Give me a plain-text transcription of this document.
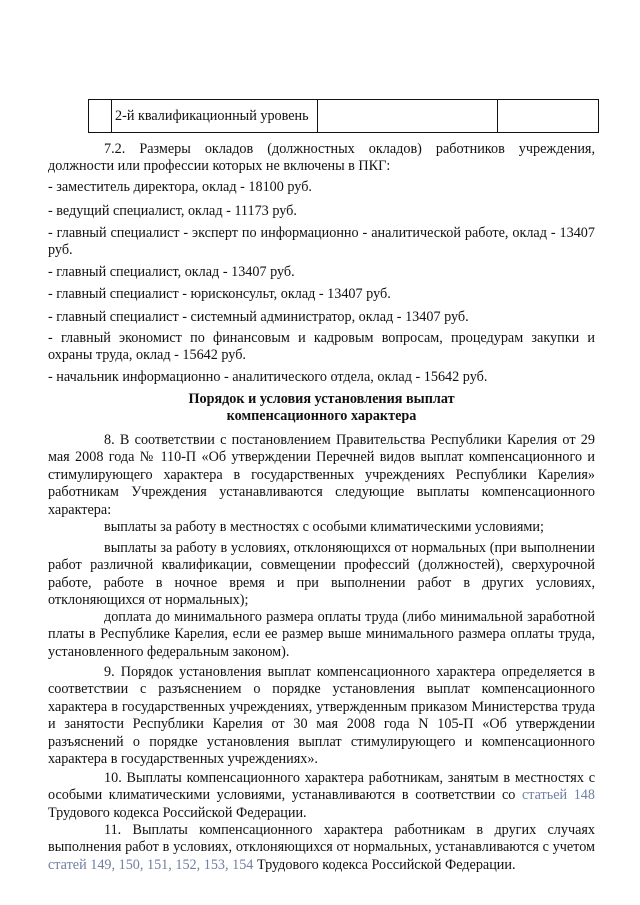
	2-й квалификационный уровень		

7.2. Размеры окладов (должностных окладов) работников учреждения, должности или профессии которых не включены в ПКГ:

- заместитель директора, оклад - 18100 руб.

- ведущий специалист, оклад - 11173 руб.

- главный специалист - эксперт по информационно - аналитической работе, оклад - 13407 руб.

- главный специалист, оклад - 13407 руб.

- главный специалист - юрисконсульт, оклад - 13407 руб.

- главный специалист - системный администратор, оклад - 13407 руб.

- главный экономист по финансовым и кадровым вопросам, процедурам закупки и охраны труда, оклад - 15642 руб.

- начальник информационно - аналитического отдела, оклад - 15642 руб.

Порядок и условия установления выплат
компенсационного характера

8. В соответствии с постановлением Правительства Республики Карелия от 29 мая 2008 года № 110-П «Об утверждении Перечней видов выплат компенсационного и стимулирующего характера в государственных учреждениях Республики Карелия» работникам Учреждения устанавливаются следующие выплаты компенсационного характера:

выплаты за работу в местностях с особыми климатическими условиями;

выплаты за работу в условиях, отклоняющихся от нормальных (при выполнении работ различной квалификации, совмещении профессий (должностей), сверхурочной работе, работе в ночное время и при выполнении работ в других условиях, отклоняющихся от нормальных);

доплата до минимального размера оплаты труда (либо минимальной заработной платы в Республике Карелия, если ее размер выше минимального размера оплаты труда, установленного федеральным законом).

9. Порядок установления выплат компенсационного характера определяется в соответствии с разъяснением о порядке установления выплат компенсационного характера в государственных учреждениях, утвержденным приказом Министерства труда и занятости Республики Карелия от 30 мая 2008 года N 105-П «Об утверждении разъяснений о порядке установления выплат стимулирующего и компенсационного характера в государственных учреждениях».

10. Выплаты компенсационного характера работникам, занятым в местностях с особыми климатическими условиями, устанавливаются в соответствии со статьей 148 Трудового кодекса Российской Федерации.

11. Выплаты компенсационного характера работникам в других случаях выполнения работ в условиях, отклоняющихся от нормальных, устанавливаются с учетом статей 149, 150, 151, 152, 153, 154 Трудового кодекса Российской Федерации.
